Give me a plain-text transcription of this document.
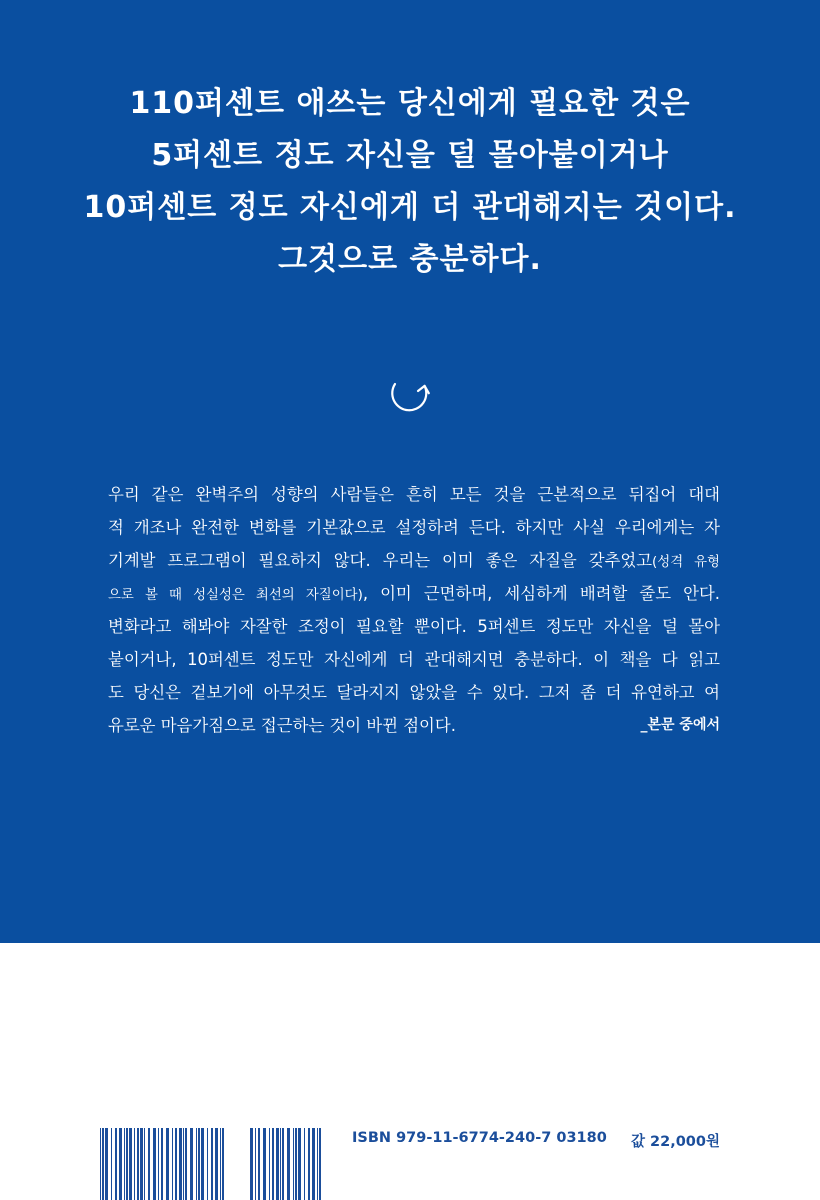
110퍼센트 애쓰는 당신에게 필요한 것은
5퍼센트 정도 자신을 덜 몰아붙이거나
10퍼센트 정도 자신에게 더 관대해지는 것이다.
그것으로 충분하다.
우리 같은 완벽주의 성향의 사람들은 흔히 모든 것을 근본적으로 뒤집어 대대
적 개조나 완전한 변화를 기본값으로 설정하려 든다. 하지만 사실 우리에게는 자
기계발 프로그램이 필요하지 않다. 우리는 이미 좋은 자질을 갖추었고(성격 유형
으로 볼 때 성실성은 최선의 자질이다), 이미 근면하며, 세심하게 배려할 줄도 안다.
변화라고 해봐야 자잘한 조정이 필요할 뿐이다. 5퍼센트 정도만 자신을 덜 몰아
붙이거나, 10퍼센트 정도만 자신에게 더 관대해지면 충분하다. 이 책을 다 읽고
도 당신은 겉보기에 아무것도 달라지지 않았을 수 있다. 그저 좀 더 유연하고 여
유로운 마음가짐으로 접근하는 것이 바뀐 점이다.	_본문 중에서
ISBN 979-11-6774-240-7 03180 값 22,000원
